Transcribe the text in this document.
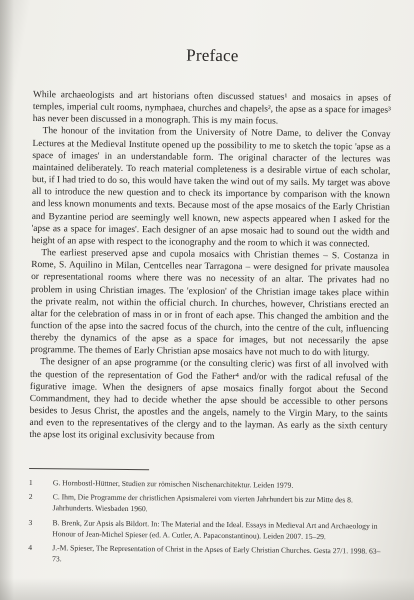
Preface

While archaeologists and art historians often discussed statues¹ and mosaics in apses of temples, imperial cult rooms, nymphaea, churches and chapels², the apse as a space for images³ has never been discussed in a monograph. This is my main focus.

The honour of the invitation from the University of Notre Dame, to deliver the Convay Lectures at the Medieval Institute opened up the possibility to me to sketch the topic 'apse as a space of images' in an understandable form. The original character of the lectures was maintained deliberately. To reach material completeness is a desirable virtue of each scholar, but, if I had tried to do so, this would have taken the wind out of my sails. My target was above all to introduce the new question and to check its importance by comparison with the known and less known monuments and texts. Because most of the apse mosaics of the Early Christian and Byzantine period are seemingly well known, new aspects appeared when I asked for the 'apse as a space for images'. Each designer of an apse mosaic had to sound out the width and height of an apse with respect to the iconography and the room to which it was connected.

The earliest preserved apse and cupola mosaics with Christian themes – S. Costanza in Rome, S. Aquilino in Milan, Centcelles near Tarragona – were designed for private mausolea or representational rooms where there was no necessity of an altar. The privates had no problem in using Christian images. The 'explosion' of the Christian image takes place within the private realm, not within the official church. In churches, however, Christians erected an altar for the celebration of mass in or in front of each apse. This changed the ambition and the function of the apse into the sacred focus of the church, into the centre of the cult, influencing thereby the dynamics of the apse as a space for images, but not necessarily the apse programme. The themes of Early Christian apse mosaics have not much to do with liturgy.

The designer of an apse programme (or the consulting cleric) was first of all involved with the question of the representation of God the Father⁴ and/or with the radical refusal of the figurative image. When the designers of apse mosaics finally forgot about the Second Commandment, they had to decide whether the apse should be accessible to other persons besides to Jesus Christ, the apostles and the angels, namely to the Virgin Mary, to the saints and even to the representatives of the clergy and to the layman. As early as the sixth century the apse lost its original exclusivity because from

1	G. Hornbostl-Hüttner, Studien zur römischen Nischenarchitektur. Leiden 1979.
2	C. Ihm, Die Programme der christlichen Apsismalerei vom vierten Jahrhundert bis zur Mitte des 8. Jahrhunderts. Wiesbaden 1960.
3	B. Brenk, Zur Apsis als Bildort. In: The Material and the Ideal. Essays in Medieval Art and Archaeology in Honour of Jean-Michel Spieser (ed. A. Cutler, A. Papaconstantinou). Leiden 2007. 15–29.
4	J.-M. Spieser, The Representation of Christ in the Apses of Early Christian Churches. Gesta 27/1. 1998. 63–73.
